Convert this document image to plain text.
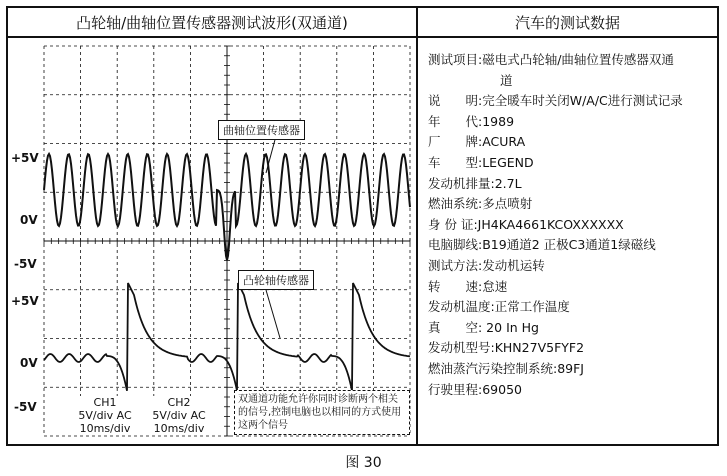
凸轮轴/曲轴位置传感器测试波形(双通道)	汽车的测试数据
+5V
0V
-5V
+5V
0V
-5V
曲轴位置传感器
凸轮轴传感器
CH1
5V/div AC
10ms/div
CH2
5V/div AC
10ms/div
双通道功能允许你同时诊断两个相关的信号,控制电脑也以相同的方式使用这两个信号
测试项目:磁电式凸轮轴/曲轴位置传感器双通
道
说　　明:完全暖车时关闭W/A/C进行测试记录
年　　代:1989
厂　　牌:ACURA
车　　型:LEGEND
发动机排量:2.7L
燃油系统:多点喷射
身 份 证:JH4KA4661KCOXXXXXX
电脑脚线:B19通道2 正极C3通道1绿磁线
测试方法:发动机运转
转　　速:怠速
发动机温度:正常工作温度
真　　空: 20 In Hg
发动机型号:KHN27V5FYF2
燃油蒸汽污染控制系统:89FJ
行驶里程:69050
图 30
